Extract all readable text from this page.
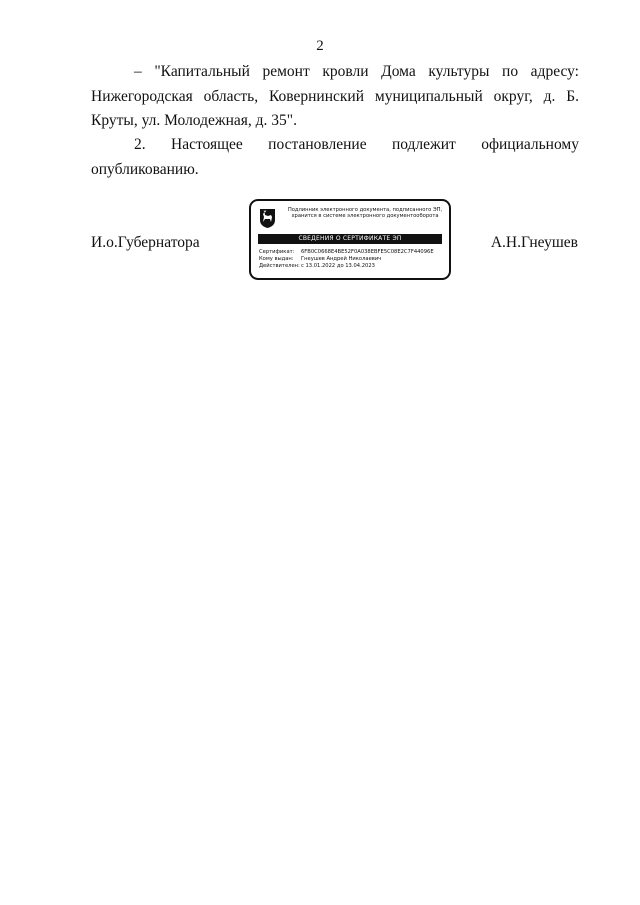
2
– "Капитальный ремонт кровли Дома культуры по адресу: Нижегородская область, Ковернинский муниципальный округ, д. Б. Круты, ул. Молодежная, д. 35".
2. Настоящее постановление подлежит официальному опубликованию.
И.о.Губернатора	А.Н.Гнеушев
Подлинник электронного документа, подписанного ЭП, хранится в системе электронного документооборота
СВЕДЕНИЯ О СЕРТИФИКАТЕ ЭП
Сертификат: 6FB0C0668E4BE52F0A038EBFE5C08E2C7F44096E
Кому выдан: Гнеушев Андрей Николаевич
Действителен:с 13.01.2022 до 13.04.2023
